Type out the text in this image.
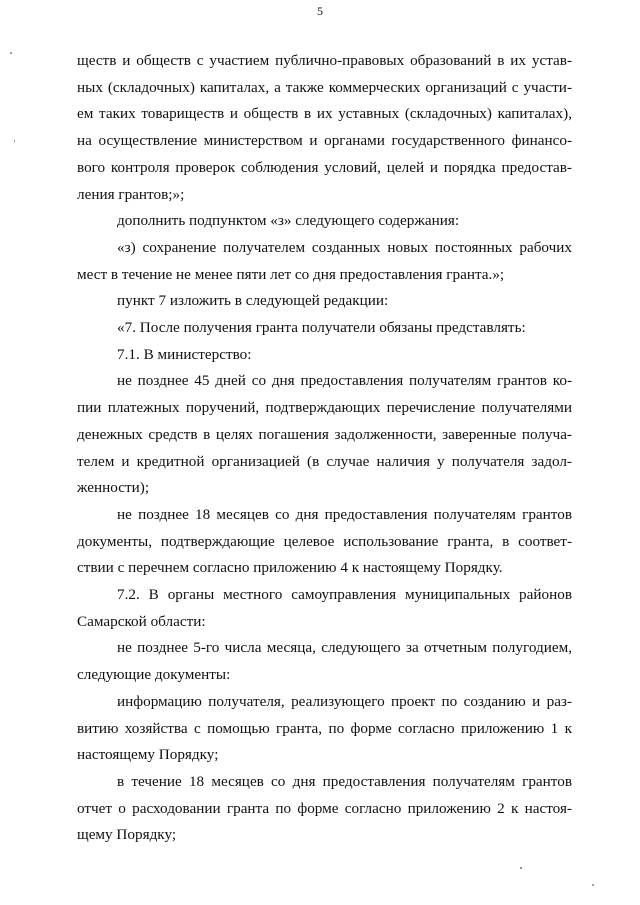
5

ществ и обществ с участием публично-правовых образований в их устав-ных (складочных) капиталах, а также коммерческих организаций с участи-ем таких товариществ и обществ в их уставных (складочных) капиталах), на осуществление министерством и органами государственного финансо-вого контроля проверок соблюдения условий, целей и порядка предостав-ления грантов;»;

дополнить подпунктом «з» следующего содержания:

«з) сохранение получателем созданных новых постоянных рабочих мест в течение не менее пяти лет со дня предоставления гранта.»;

пункт 7 изложить в следующей редакции:

«7. После получения гранта получатели обязаны представлять:

7.1. В министерство:

не позднее 45 дней со дня предоставления получателям грантов ко-пии платежных поручений, подтверждающих перечисление получателями денежных средств в целях погашения задолженности, заверенные получа-телем и кредитной организацией (в случае наличия у получателя задол-женности);

не позднее 18 месяцев со дня предоставления получателям грантов документы, подтверждающие целевое использование гранта, в соответ-ствии с перечнем согласно приложению 4 к настоящему Порядку.

7.2. В органы местного самоуправления муниципальных районов Самарской области:

не позднее 5-го числа месяца, следующего за отчетным полугодием, следующие документы:

информацию получателя, реализующего проект по созданию и раз-витию хозяйства с помощью гранта, по форме согласно приложению 1 к настоящему Порядку;

в течение 18 месяцев со дня предоставления получателям грантов отчет о расходовании гранта по форме согласно приложению 2 к настоя-щему Порядку;
